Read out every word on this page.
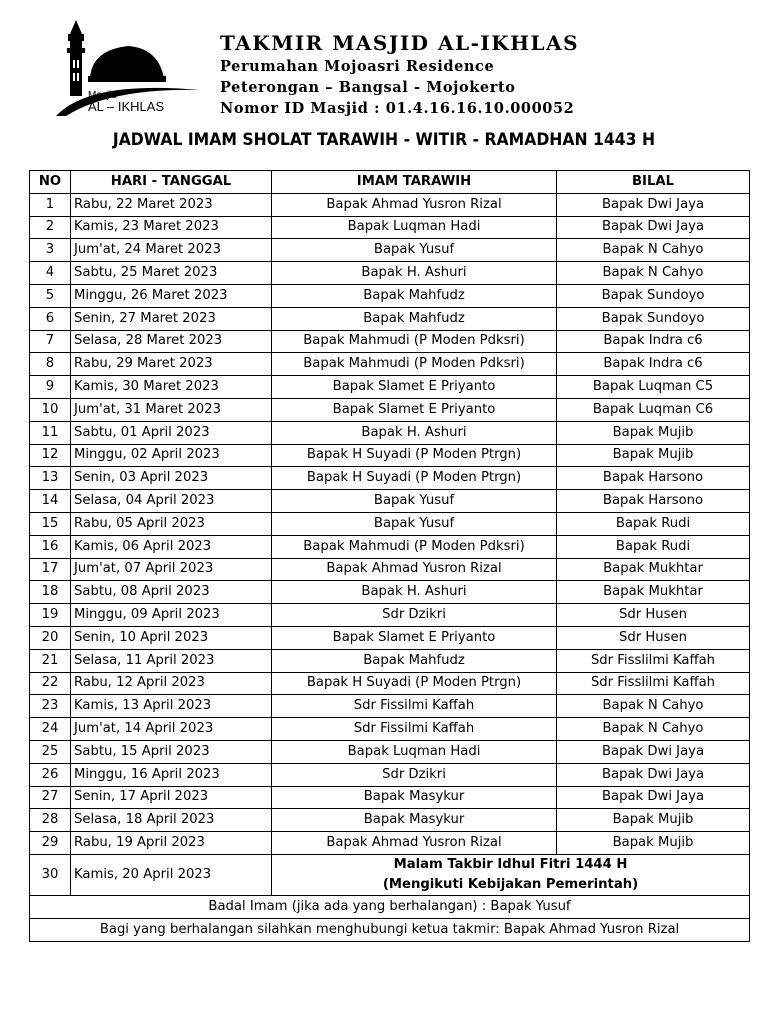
Masjid
AL – IKHLAS
TAKMIR MASJID AL-IKHLAS
Perumahan Mojoasri Residence
Peterongan – Bangsal - Mojokerto
Nomor ID Masjid : 01.4.16.16.10.000052
JADWAL IMAM SHOLAT TARAWIH - WITIR - RAMADHAN 1443 H
NO	HARI - TANGGAL	IMAM TARAWIH	BILAL
1	Rabu, 22 Maret 2023	Bapak Ahmad Yusron Rizal	Bapak Dwi Jaya
2	Kamis, 23 Maret 2023	Bapak Luqman Hadi	Bapak Dwi Jaya
3	Jum'at, 24 Maret 2023	Bapak Yusuf	Bapak N Cahyo
4	Sabtu, 25 Maret 2023	Bapak H. Ashuri	Bapak N Cahyo
5	Minggu, 26 Maret 2023	Bapak Mahfudz	Bapak Sundoyo
6	Senin, 27 Maret 2023	Bapak Mahfudz	Bapak Sundoyo
7	Selasa, 28 Maret 2023	Bapak Mahmudi (P Moden Pdksri)	Bapak Indra c6
8	Rabu, 29 Maret 2023	Bapak Mahmudi (P Moden Pdksri)	Bapak Indra c6
9	Kamis, 30 Maret 2023	Bapak Slamet E Priyanto	Bapak Luqman C5
10	Jum'at, 31 Maret 2023	Bapak Slamet E Priyanto	Bapak Luqman C6
11	Sabtu, 01 April 2023	Bapak H. Ashuri	Bapak Mujib
12	Minggu, 02 April 2023	Bapak H Suyadi (P Moden Ptrgn)	Bapak Mujib
13	Senin, 03 April 2023	Bapak H Suyadi (P Moden Ptrgn)	Bapak Harsono
14	Selasa, 04 April 2023	Bapak Yusuf	Bapak Harsono
15	Rabu, 05 April 2023	Bapak Yusuf	Bapak Rudi
16	Kamis, 06 April 2023	Bapak Mahmudi (P Moden Pdksri)	Bapak Rudi
17	Jum'at, 07 April 2023	Bapak Ahmad Yusron Rizal	Bapak Mukhtar
18	Sabtu, 08 April 2023	Bapak H. Ashuri	Bapak Mukhtar
19	Minggu, 09 April 2023	Sdr Dzikri	Sdr Husen
20	Senin, 10 April 2023	Bapak Slamet E Priyanto	Sdr Husen
21	Selasa, 11 April 2023	Bapak Mahfudz	Sdr Fisslilmi Kaffah
22	Rabu, 12 April 2023	Bapak H Suyadi (P Moden Ptrgn)	Sdr Fisslilmi Kaffah
23	Kamis, 13 April 2023	Sdr Fissilmi Kaffah	Bapak N Cahyo
24	Jum'at, 14 April 2023	Sdr Fissilmi Kaffah	Bapak N Cahyo
25	Sabtu, 15 April 2023	Bapak Luqman Hadi	Bapak Dwi Jaya
26	Minggu, 16 April 2023	Sdr Dzikri	Bapak Dwi Jaya
27	Senin, 17 April 2023	Bapak Masykur	Bapak Dwi Jaya
28	Selasa, 18 April 2023	Bapak Masykur	Bapak Mujib
29	Rabu, 19 April 2023	Bapak Ahmad Yusron Rizal	Bapak Mujib
30	Kamis, 20 April 2023	Malam Takbir Idhul Fitri 1444 H
(Mengikuti Kebijakan Pemerintah)	

Badal Imam (jika ada yang berhalangan) : Bapak Yusuf			
Bagi yang berhalangan silahkan menghubungi ketua takmir: Bapak Ahmad Yusron Rizal			
